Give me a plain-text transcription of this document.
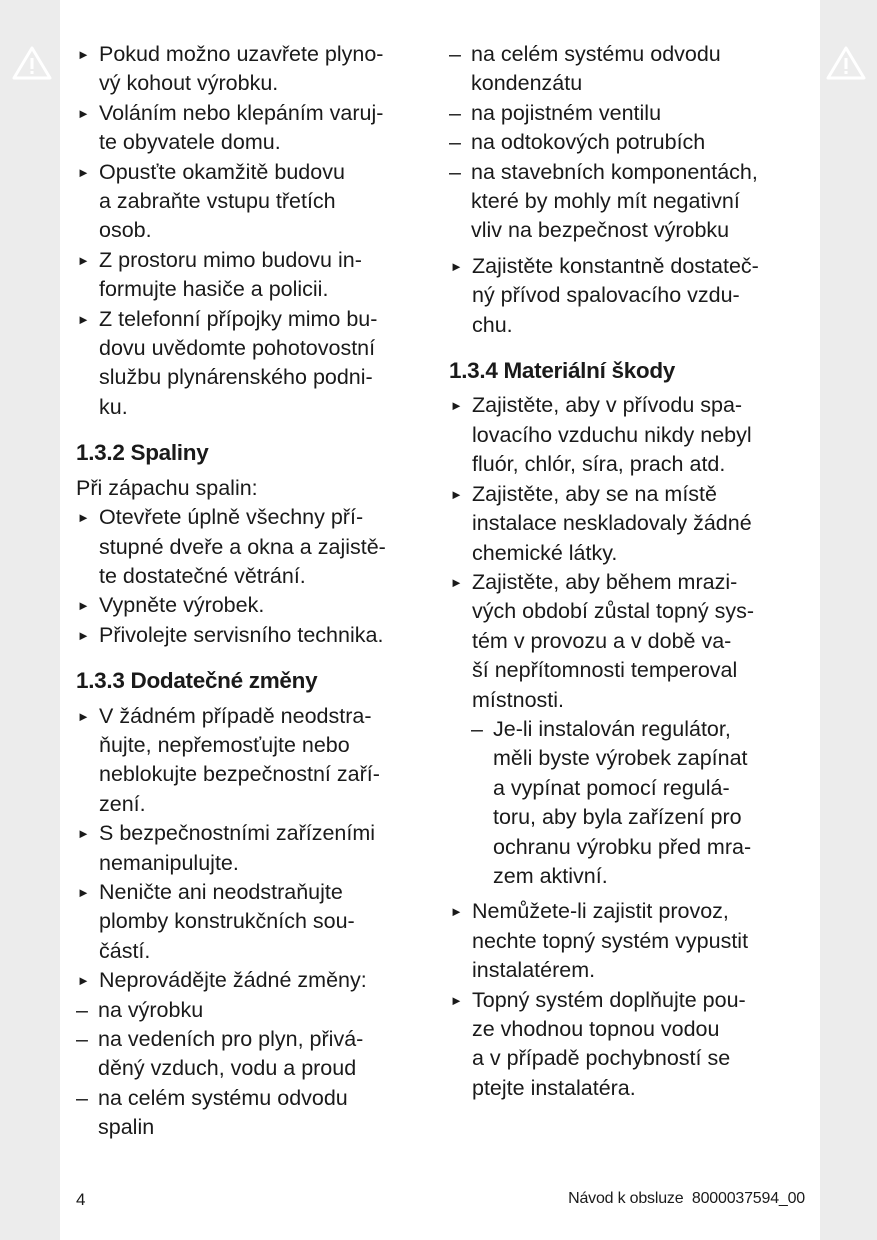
► Pokud možno uzavřete plyno-
vý kohout výrobku.
► Voláním nebo klepáním varuj-
te obyvatele domu.
► Opusťte okamžitě budovu
a zabraňte vstupu třetích
osob.
► Z prostoru mimo budovu in-
formujte hasiče a policii.
► Z telefonní přípojky mimo bu-
dovu uvědomte pohotovostní
službu plynárenského podni-
ku.
1.3.2 Spaliny

Při zápachu spalin:

► Otevřete úplně všechny pří-
stupné dveře a okna a zajistě-
te dostatečné větrání.
► Vypněte výrobek.
► Přivolejte servisního technika.
1.3.3 Dodatečné změny
► V žádném případě neodstra-
ňujte, nepřemosťujte nebo
neblokujte bezpečnostní zaří-
zení.
► S bezpečnostními zařízeními
nemanipulujte.
► Neničte ani neodstraňujte
plomby konstrukčních sou-
částí.
► Neprovádějte žádné změny:
– na výrobku
– na vedeních pro plyn, přivá-
děný vzduch, vodu a proud
– na celém systému odvodu
spalin
– na celém systému odvodu
kondenzátu
– na pojistném ventilu
– na odtokových potrubích
– na stavebních komponentách,
které by mohly mít negativní
vliv na bezpečnost výrobku
► Zajistěte konstantně dostateč-
ný přívod spalovacího vzdu-
chu.
1.3.4 Materiální škody
► Zajistěte, aby v přívodu spa-
lovacího vzduchu nikdy nebyl
fluór, chlór, síra, prach atd.
► Zajistěte, aby se na místě
instalace neskladovaly žádné
chemické látky.
► Zajistěte, aby během mrazi-
vých období zůstal topný sys-
tém v provozu a v době va-
ší nepřítomnosti temperoval
místnosti.
– Je-li instalován regulátor,
měli byste výrobek zapínat
a vypínat pomocí regulá-
toru, aby byla zařízení pro
ochranu výrobku před mra-
zem aktivní.
► Nemůžete-li zajistit provoz,
nechte topný systém vypustit
instalatérem.
► Topný systém doplňujte pou-
ze vhodnou topnou vodou
a v případě pochybností se
ptejte instalatéra.
4	Návod k obsluze 8000037594_00
